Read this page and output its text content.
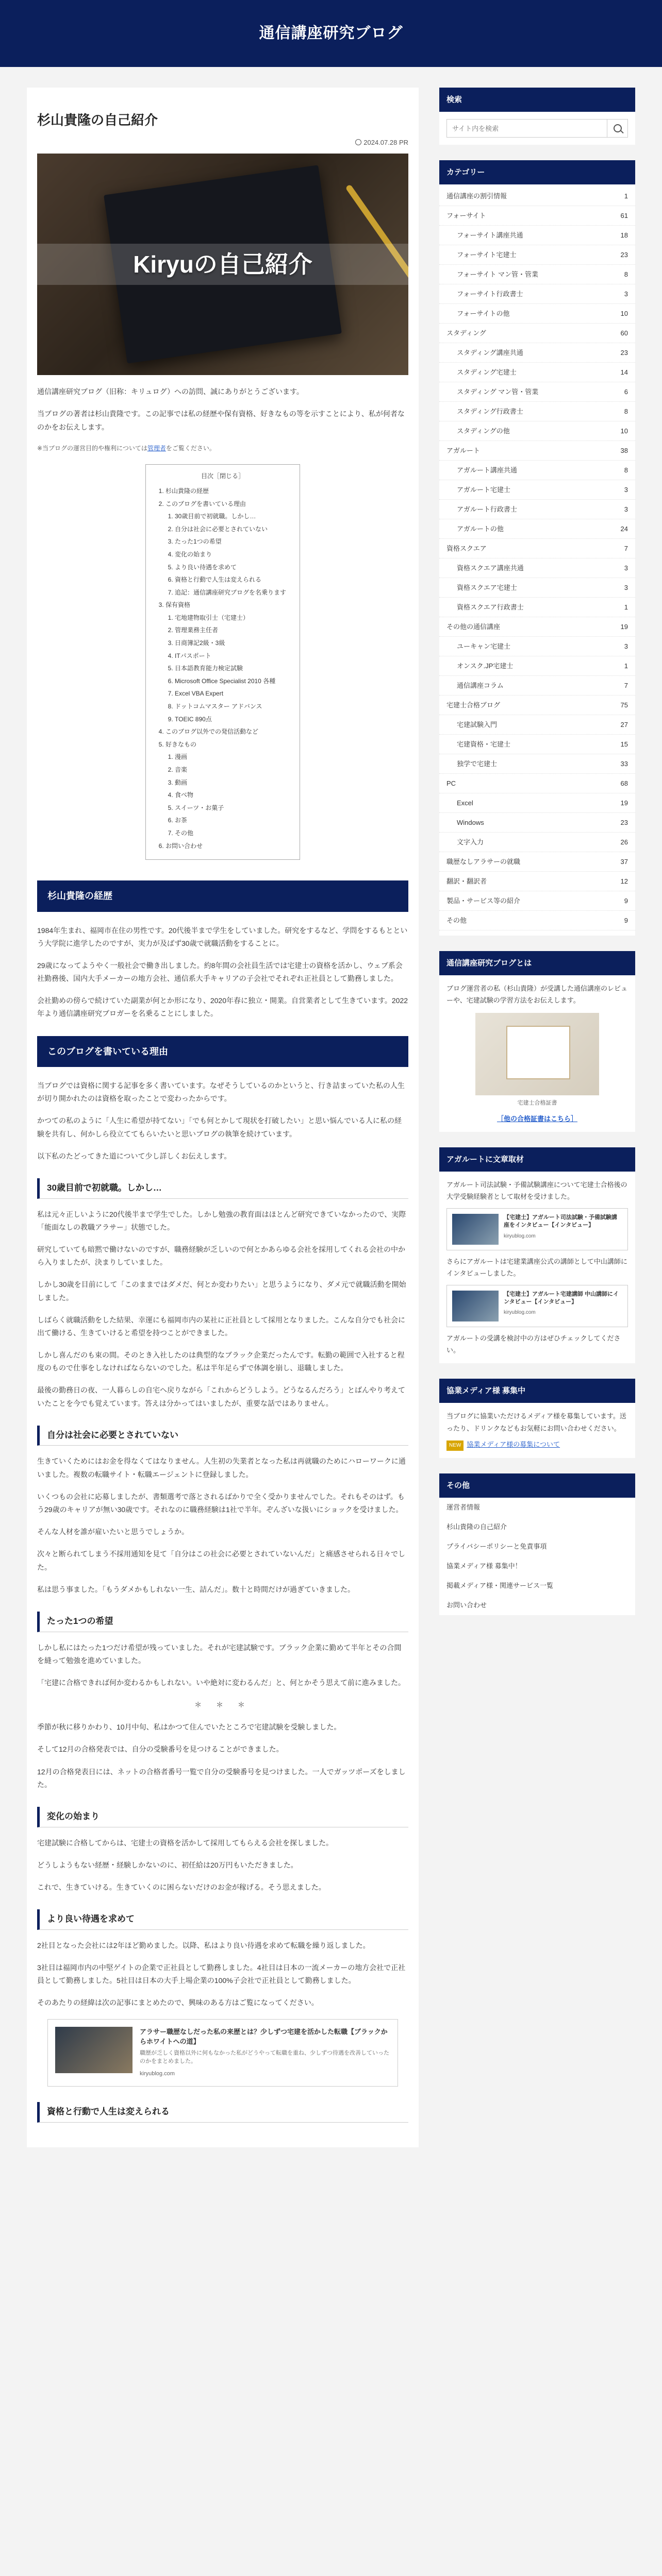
通信講座研究ブログ
杉山貴隆の自己紹介
2024.07.28 PR
Kiryuの自己紹介

通信講座研究ブログ（旧称：キリュログ）への訪問、誠にありがとうございます。

当ブログの著者は杉山貴隆です。この記事では私の経歴や保有資格、好きなもの等を示すことにより、私が何者なのかをお伝えします。

※当ブログの運営目的や権利については管理者をご覧ください。

目次［閉じる］
1. 杉山貴隆の経歴
2. このブログを書いている理由
1. 30歳目前で初就職。しかし…
2. 自分は社会に必要とされていない
3. たった1つの希望
4. 変化の始まり
5. より良い待遇を求めて
6. 資格と行動で人生は変えられる
7. 追記：通信講座研究ブログを名乗ります
3. 保有資格
1. 宅地建物取引士（宅建士）
2. 管理業務主任者
3. 日商簿記2級・3級
4. ITパスポート
5. 日本語教育能力検定試験
6. Microsoft Office Specialist 2010 各種
7. Excel VBA Expert
8. ドットコムマスター アドバンス
9. TOEIC 890点
4. このブログ以外での発信活動など
5. 好きなもの
1. 漫画
2. 音楽
3. 動画
4. 食べ物
5. スイーツ・お菓子
6. お茶
7. その他
6. お問い合わせ
杉山貴隆の経歴

1984年生まれ、福岡市在住の男性です。20代後半まで学生をしていました。研究をするなど、学問をするもとという大学院に進学したのですが、実力が及ばず30歳で就職活動をすることに。

29歳になってようやく一般社会で働き出しました。約8年間の会社員生活では宅建士の資格を活かし、ウェブ系会社勤務後、国内大手メーカーの地方会社、通信系大手キャリアの子会社でそれぞれ正社員として勤務しました。

会社勤めの傍らで続けていた副業が何とか形になり、2020年春に独立・開業。自営業者として生きています。2022年より通信講座研究ブロガーを名乗ることにしました。

このブログを書いている理由

当ブログでは資格に関する記事を多く書いています。なぜそうしているのかというと、行き詰まっていた私の人生が切り開かれたのは資格を取ったことで変わったからです。

かつての私のように「人生に希望が持てない」「でも何とかして現状を打破したい」と思い悩んでいる人に私の経験を共有し、何かしら役立ててもらいたいと思いブログの執筆を続けています。

以下私のたどってきた道について少し詳しくお伝えします。

30歳目前で初就職。しかし…

私は元々正しいように20代後半まで学生でした。しかし勉強の教育面はほとんど研究できていなかったので、実際「能面なしの教職アラサー」状態でした。

研究していても暗黙で働けないのですが、職務経験が乏しいので何とかあらゆる会社を採用してくれる会社の中から入りましたが、決まりしていました。

しかし30歳を目前にして「このままではダメだ、何とか変わりたい」と思うようになり、ダメ元で就職活動を開始しました。

しばらく就職活動をした結果、幸運にも福岡市内の某社に正社員として採用となりました。こんな自分でも社会に出て働ける、生きていけると希望を持つことができました。

しかし喜んだのも束の間。そのとき入社したのは典型的なブラック企業だったんです。転勤の範囲で入社すると程度のもので仕事をしなければならないのでした。私は半年足らずで体調を崩し、退職しました。

最後の勤務日の夜、一人暮らしの自宅へ戻りながら「これからどうしよう。どうなるんだろう」とばんやり考えていたことを今でも覚えています。答えは分かってはいましたが、重要な話ではありません。

自分は社会に必要とされていない

生きていくためにはお金を得なくてはなりません。人生初の失業者となった私は再就職のためにハローワークに通いました。複数の転職サイト・転職エージェントに登録しました。

いくつもの会社に応募しましたが、書類選考で落とされるばかりで全く受かりませんでした。それもそのはず。もう29歳のキャリアが無い30歳です。それなのに職務経験は1社で半年。ぞんざいな扱いにショックを受けました。

そんな人材を誰が雇いたいと思うでしょうか。

次々と断られてしまう不採用通知を見て「自分はこの社会に必要とされていないんだ」と痛感させられる日々でした。

私は思う事ました。「もうダメかもしれない一生、詰んだ」。数十と時間だけが過ぎていきました。

たった1つの希望

しかし私にはたった1つだけ希望が残っていました。それが宅建試験です。ブラック企業に勤めて半年とその合間を縫って勉強を進めていました。

「宅建に合格できれば何か変わるかもしれない。いや絶対に変わるんだ」と、何とかそう思えて前に進みました。

＊ ＊ ＊

季節が秋に移りかわり、10月中旬、私はかつて住んでいたところで宅建試験を受験しました。

そして12月の合格発表では、自分の受験番号を見つけることができました。

12月の合格発表日には、ネットの合格者番号一覧で自分の受験番号を見つけました。一人でガッツポーズをしました。

変化の始まり

宅建試験に合格してからは、宅建士の資格を活かして採用してもらえる会社を探しました。

どうしようもない経歴・経験しかないのに、初任給は20万円もいただきました。

これで、生きていける。生きていくのに困らないだけのお金が稼げる。そう思えました。

より良い待遇を求めて

2社目となった会社には2年ほど勤めました。以降、私はより良い待遇を求めて転職を繰り返しました。

3社目は福岡市内の中堅ゲイトの企業で正社員として勤務しました。4社目は日本の一流メーカーの地方会社で正社員として勤務しました。5社目は日本の大手上場企業の100%子会社で正社員として勤務しました。

そのあたりの経緯は次の記事にまとめたので、興味のある方はご覧になってください。

アラサー職歴なしだった私の来歴とは？少しずつ宅建を活かした転職【ブラックからホワイトへの道】
職歴が乏しく資格以外に何もなかった私がどうやって転職を重ね、少しずつ待遇を改善していったのかをまとめました。
kiryublog.com
資格と行動で人生は変えられる
検索
サイト内を検索
カテゴリー
通信講座の割引情報	1
フォーサイト	61
フォーサイト講座共通	18
フォーサイト宅建士	23
フォーサイト マン管・管業	8
フォーサイト行政書士	3
フォーサイトの他	10
スタディング	60
スタディング講座共通	23
スタディング宅建士	14
スタディング マン管・管業	6
スタディング行政書士	8
スタディングの他	10
アガルート	38
アガルート講座共通	8
アガルート宅建士	3
アガルート行政書士	3
アガルートの他	24
資格スクエア	7
資格スクエア講座共通	3
資格スクエア宅建士	3
資格スクエア行政書士	1
その他の通信講座	19
ユーキャン宅建士	3
オンスク.JP宅建士	1
通信講座コラム	7
宅建士合格ブログ	75
宅建試験入門	27
宅建資格・宅建士	15
独学で宅建士	33
PC	68
Excel	19
Windows	23
文字入力	26
職歴なしアラサーの就職	37
翻訳・翻訳者	12
製品・サービス等の紹介	9
その他	9
通信講座研究ブログとは
ブログ運営者の私（杉山貴隆）が受講した通信講座のレビューや、宅建試験の学習方法をお伝えします。
宅建士合格証書
［他の合格証書はこちら］
アガルートに文章取材
アガルート司法試験・予備試験講座について宅建士合格後の大学受験経験者として取材を受けました。
【宅建士】アガルート司法試験・予備試験講座をインタビュー【インタビュー】
kiryublog.com
さらにアガルートは宅建業講座公式の講師として中山講師にインタビューしました。
【宅建士】アガルート宅建講師 中山講師にインタビュー【インタビュー】
kiryublog.com
アガルートの受講を検討中の方はぜひチェックしてください。
協業メディア様 募集中
当ブログに協業いただけるメディア様を募集しています。送ったり、ドリンクなどもお気軽にお問い合わせください。
NEW 協業メディア様の募集について
その他
運営者情報
杉山貴隆の自己紹介
プライバシーポリシーと免責事項
協業メディア様 募集中！
掲載メディア様・関連サービス一覧
お問い合わせ
